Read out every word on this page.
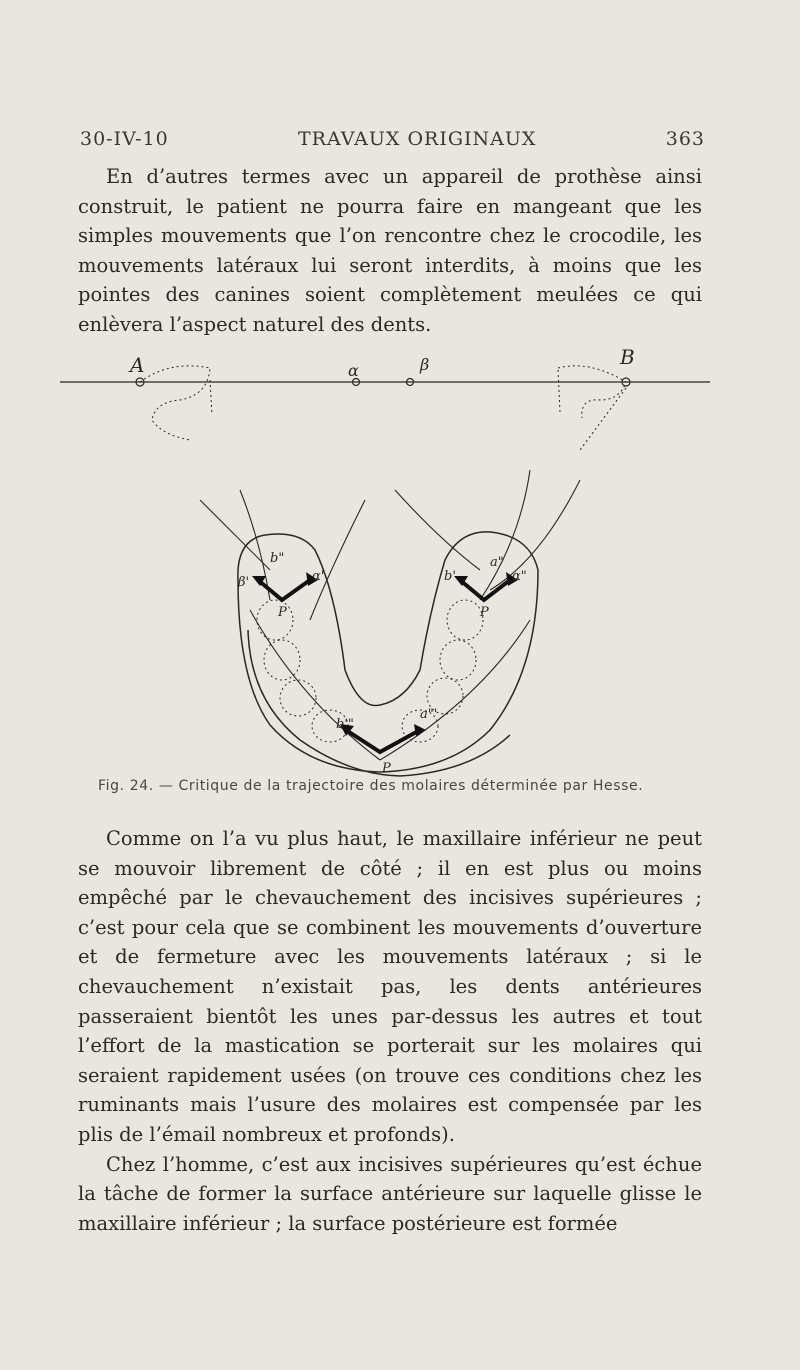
30-IV-10	TRAVAUX ORIGINAUX	363

En d’autres termes avec un appareil de prothèse ainsi construit, le patient ne pourra faire en mangeant que les simples mouvements que l’on rencontre chez le crocodile, les mouvements latéraux lui seront interdits, à moins que les pointes des canines soient complètement meulées ce qui enlèvera l’aspect naturel des dents.

A	B
α	β
b"
β'	α'
P
b'
a"
α"
P
b'"
a"'
P
Fig. 24. — Critique de la trajectoire des molaires déterminée par Hesse.

Comme on l’a vu plus haut, le maxillaire inférieur ne peut se mouvoir librement de côté ; il en est plus ou moins empêché par le chevauchement des incisives supérieures ; c’est pour cela que se combinent les mouvements d’ouverture et de fermeture avec les mouvements latéraux ; si le chevauchement n’existait pas, les dents antérieures passeraient bientôt les unes par-dessus les autres et tout l’effort de la mastication se porterait sur les molaires qui seraient rapidement usées (on trouve ces conditions chez les ruminants mais l’usure des molaires est compensée par les plis de l’émail nombreux et profonds).

Chez l’homme, c’est aux incisives supérieures qu’est échue la tâche de former la surface antérieure sur laquelle glisse le maxillaire inférieur ; la surface postérieure est formée
